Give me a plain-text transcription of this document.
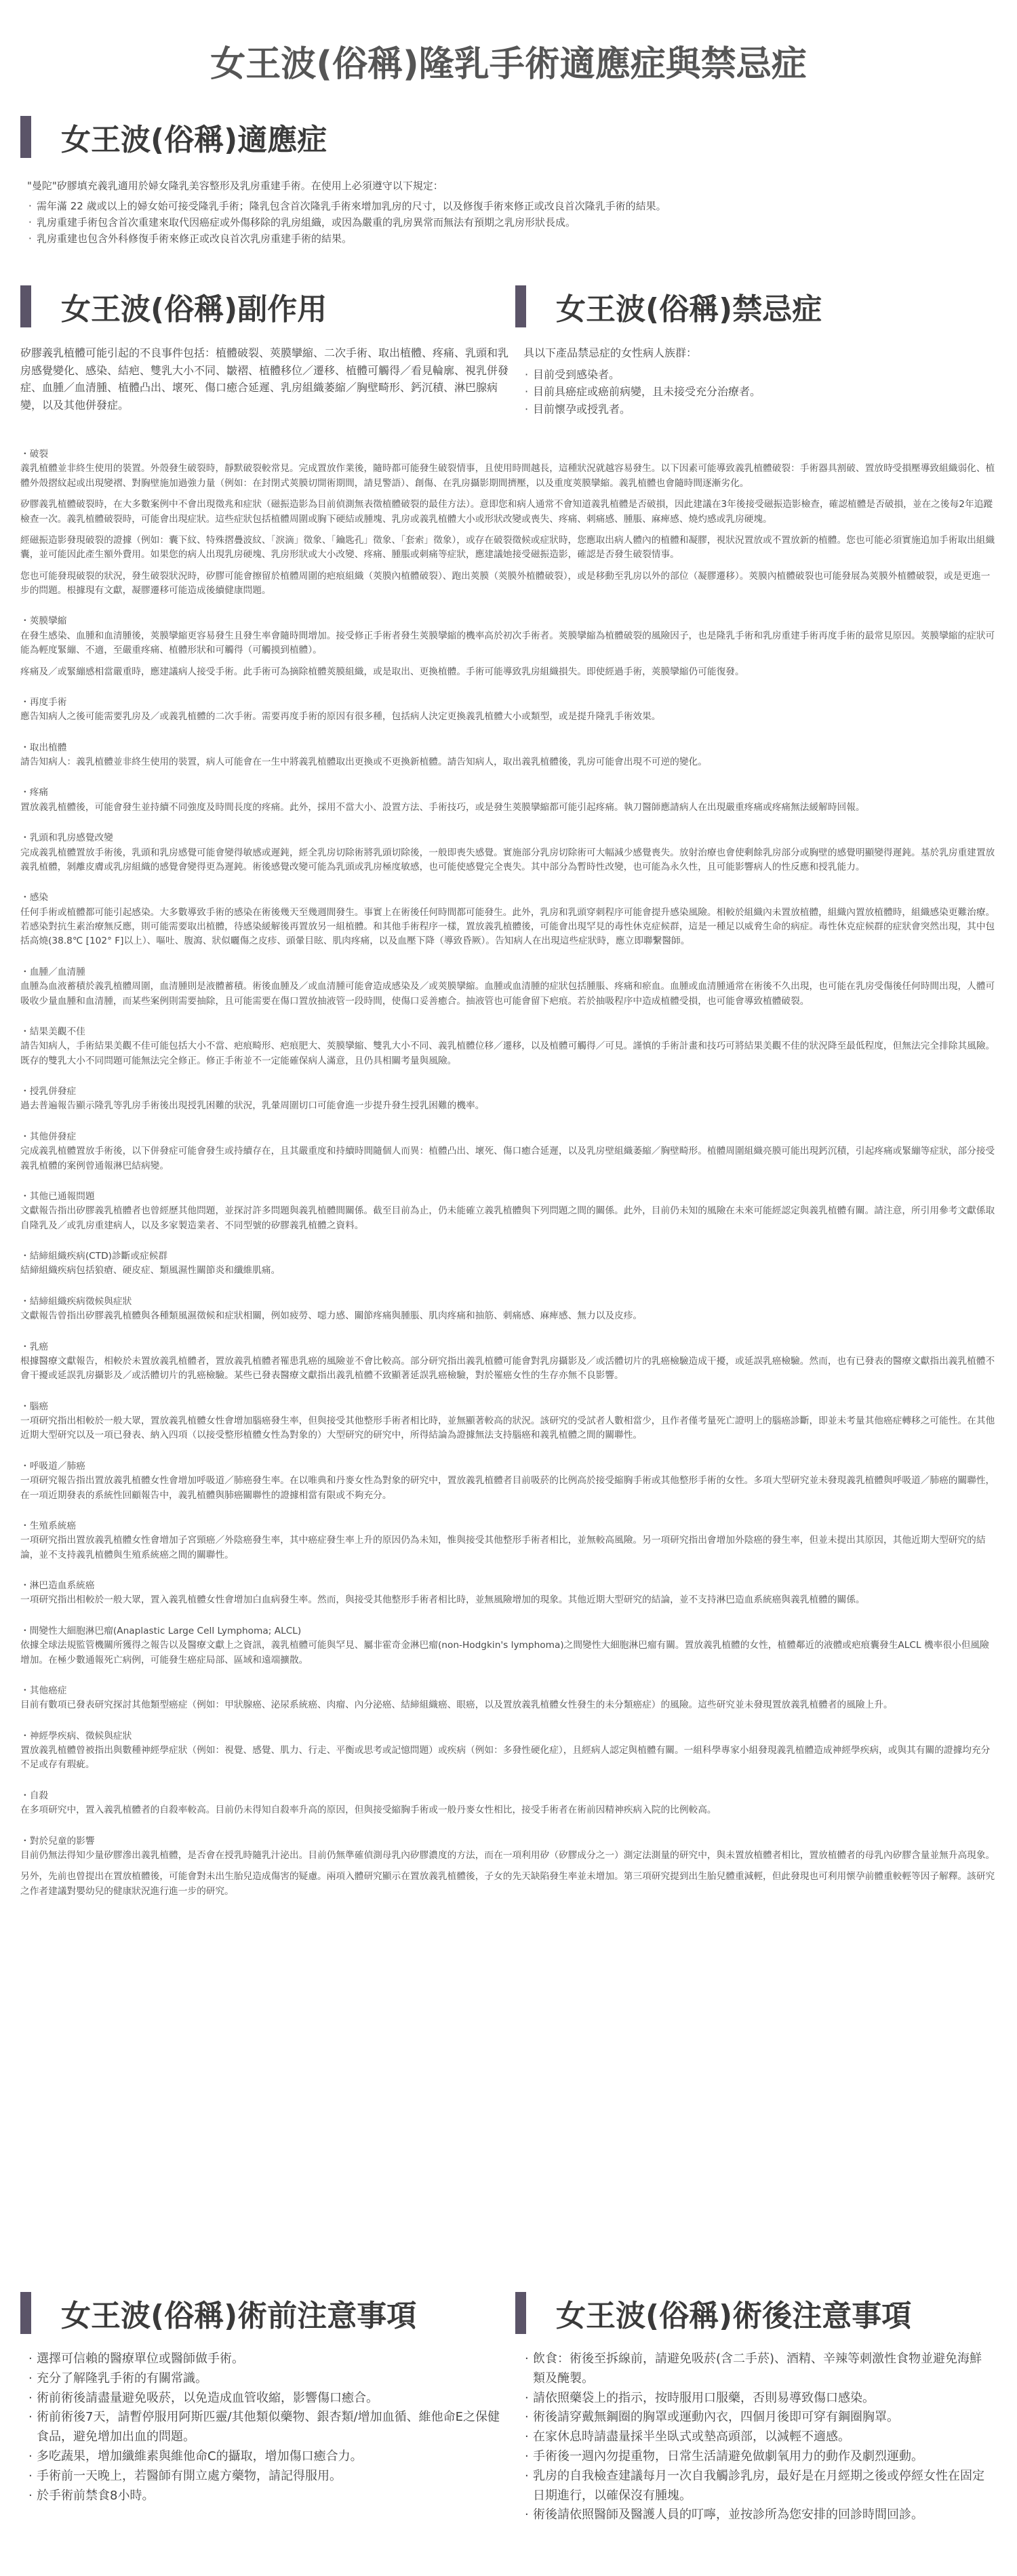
女王波(俗稱)隆乳手術適應症與禁忌症
女王波(俗稱)適應症

"曼陀"矽膠填充義乳適用於婦女隆乳美容整形及乳房重建手術。在使用上必須遵守以下規定：

· 需年滿 22 歲或以上的婦女始可接受隆乳手術；隆乳包含首次隆乳手術來增加乳房的尺寸，以及修復手術來修正或改良首次隆乳手術的結果。
· 乳房重建手術包含首次重建來取代因癌症或外傷移除的乳房組織，或因為嚴重的乳房異常而無法有預期之乳房形狀長成。
· 乳房重建也包含外科修復手術來修正或改良首次乳房重建手術的結果。
女王波(俗稱)副作用
矽膠義乳植體可能引起的不良事件包括：植體破裂、莢膜攣縮、二次手術、取出植體、疼痛、乳頭和乳房感覺變化、感染、結疤、雙乳大小不同、皺褶、植體移位／遷移、植體可觸得／看見輪廓、視乳併發症、血腫／血清腫、植體凸出、壞死、傷口癒合延遲、乳房組織萎縮／胸壁畸形、鈣沉積、淋巴腺病變，以及其他併發症。
女王波(俗稱)禁忌症

具以下產品禁忌症的女性病人族群：

· 目前受到感染者。
· 目前具癌症或癌前病變，且未接受充分治療者。
· 目前懷孕或授乳者。

・破裂

義乳植體並非終生使用的裝置。外殼發生破裂時，靜默破裂較常見。完成置放作業後，隨時都可能發生破裂情事，且使用時間越長，這種狀況就越容易發生。以下因素可能導致義乳植體破裂：手術器具割破、置放時受損壓導致組織弱化、植體外殼摺紋起或出現變褶、對胸壁施加過強力量（例如：在封閉式莢膜切開術期間，請見警語）、創傷、在乳房攝影期間擠壓，以及重度莢膜攣縮。義乳植體也會隨時間逐漸劣化。

矽膠義乳植體破裂時，在大多數案例中不會出現徵兆和症狀（磁振造影為目前偵測無表徵植體破裂的最佳方法）。意即您和病人通常不會知道義乳植體是否破損，因此建議在3年後接受磁振造影檢查，確認植體是否破損，並在之後每2年追蹤檢查一次。義乳植體破裂時，可能會出現症狀。這些症狀包括植體周圍或胸下硬結或腫塊、乳房或義乳植體大小或形狀改變或喪失、疼痛、刺痛感、腫脹、麻痺感、燒灼感或乳房硬塊。

經磁振造影發現破裂的證據（例如：囊下紋、特殊摺疊波紋、「淚滴」徵象、「鑰匙孔」徵象、「套索」徵象），或存在破裂徵候或症狀時，您應取出病人體內的植體和凝膠，視狀況置放或不置放新的植體。您也可能必須實施追加手術取出組織囊，並可能因此產生額外費用。如果您的病人出現乳房硬塊、乳房形狀或大小改變、疼痛、腫脹或刺痛等症狀，應建議她接受磁振造影，確認是否發生破裂情事。

您也可能發現破裂的狀況，發生破裂狀況時，矽膠可能會擦留於植體周圍的疤痕組織（莢膜內植體破裂）、跑出莢膜（莢膜外植體破裂），或是移動至乳房以外的部位（凝膠遷移）。莢膜內植體破裂也可能發展為莢膜外植體破裂，或是更進一步的問題。根據現有文獻，凝膠遷移可能造成後續健康問題。

・莢膜攣縮

在發生感染、血腫和血清腫後，莢膜攣縮更容易發生且發生率會隨時間增加。接受修正手術者發生莢膜攣縮的機率高於初次手術者。莢膜攣縮為植體破裂的風險因子，也是隆乳手術和乳房重建手術再度手術的最常見原因。莢膜攣縮的症狀可能為輕度緊繃、不適，至嚴重疼痛、植體形狀和可觸得（可觸摸到植體）。

疼痛及／或緊繃感相當嚴重時，應建議病人接受手術。此手術可為摘除植體莢膜組織，或是取出、更換植體。手術可能導致乳房組織損失。即使經過手術，莢膜攣縮仍可能復發。

・再度手術

應告知病人之後可能需要乳房及／或義乳植體的二次手術。需要再度手術的原因有很多種，包括病人決定更換義乳植體大小或類型，或是提升隆乳手術效果。

・取出植體

請告知病人：義乳植體並非終生使用的裝置，病人可能會在一生中將義乳植體取出更換或不更換新植體。請告知病人，取出義乳植體後，乳房可能會出現不可逆的變化。

・疼痛

置放義乳植體後，可能會發生並持續不同強度及時間長度的疼痛。此外，採用不當大小、設置方法、手術技巧，或是發生莢膜攣縮都可能引起疼痛。執刀醫師應請病人在出現嚴重疼痛或疼痛無法緩解時回報。

・乳頭和乳房感覺改變

完成義乳植體置放手術後，乳頭和乳房感覺可能會變得敏感或遲鈍，經全乳房切除術將乳頭切除後，一般即喪失感覺。實施部分乳房切除術可大幅減少感覺喪失。放射治療也會使剩餘乳房部分或胸壁的感覺明顯變得遲鈍。基於乳房重建置放義乳植體，剝離皮膚或乳房組織的感覺會變得更為遲鈍。術後感覺改變可能為乳頭或乳房極度敏感，也可能使感覺完全喪失。其中部分為暫時性改變，也可能為永久性，且可能影響病人的性反應和授乳能力。

・感染

任何手術或植體都可能引起感染。大多數導致手術的感染在術後幾天至幾週間發生。事實上在術後任何時間都可能發生。此外，乳房和乳頭穿刺程序可能會提升感染風險。相較於組織內未置放植體，組織內置放植體時，組織感染更難治療。若感染對抗生素治療無反應，則可能需要取出植體，待感染緩解後再置放另一組植體。和其他手術程序一樣，置放義乳植體後，可能會出現罕見的毒性休克症候群，這是一種足以威脅生命的病症。毒性休克症候群的症狀會突然出現，其中包括高燒(38.8℃ [102° F]以上）、嘔吐、腹瀉、狀似曬傷之皮疹、頭暈目眩、肌肉疼痛，以及血壓下降（導致昏厥）。告知病人在出現這些症狀時，應立即聯繫醫師。

・血腫／血清腫

血腫為血液蓄積於義乳植體周圍，血清腫則是液體蓄積。術後血腫及／或血清腫可能會造成感染及／或莢膜攣縮。血腫或血清腫的症狀包括腫脹、疼痛和瘀血。血腫或血清腫通常在術後不久出現，也可能在乳房受傷後任何時間出現，人體可吸收少量血腫和血清腫，而某些案例則需要抽除，且可能需要在傷口置放抽液管一段時間，使傷口妥善癒合。抽液管也可能會留下疤痕。若於抽吸程序中造成植體受損，也可能會導致植體破裂。

・結果美觀不佳

請告知病人，手術結果美觀不佳可能包括大小不當、疤痕畸形、疤痕肥大、莢膜攣縮、雙乳大小不同、義乳植體位移／遷移，以及植體可觸得／可見。謹慎的手術計畫和技巧可將結果美觀不佳的狀況降至最低程度，但無法完全排除其風險。既存的雙乳大小不同問題可能無法完全修正。修正手術並不一定能確保病人滿意，且仍具相關考量與風險。

・授乳併發症

過去普遍報告顯示隆乳等乳房手術後出現授乳困難的狀況，乳暈周圍切口可能會進一步提升發生授乳困難的機率。

・其他併發症

完成義乳植體置放手術後，以下併發症可能會發生或持續存在，且其嚴重度和持續時間隨個人而異：植體凸出、壞死、傷口癒合延遲，以及乳房壁組織萎縮／胸壁畸形。植體周圍組織亮膜可能出現鈣沉積，引起疼痛或緊繃等症狀，部分接受義乳植體的案例曾通報淋巴結病變。

・其他已通報問題

文獻報告指出矽膠義乳植體者也曾經歷其他問題，並探討許多問題與義乳植體間關係。截至目前為止，仍未能確立義乳植體與下列問題之間的關係。此外，目前仍未知的風險在未來可能經認定與義乳植體有關。請注意，所引用參考文獻係取自隆乳及／或乳房重建病人，以及多家製造業者、不同型號的矽膠義乳植體之資料。

・結締組織疾病(CTD)診斷或症候群

結締組織疾病包括狼瘡、硬皮症、類風濕性關節炎和纖維肌痛。

・結締組織疾病徵候與症狀

文獻報告曾指出矽膠義乳植體與各種類風濕徵候和症狀相關，例如疲勞、噁力感、關節疼痛與腫脹、肌肉疼痛和抽筋、刺痛感、麻痺感、無力以及皮疹。

・乳癌

根據醫療文獻報告，相較於未置放義乳植體者，置放義乳植體者罹患乳癌的風險並不會比較高。部分研究指出義乳植體可能會對乳房攝影及／或活體切片的乳癌檢驗造成干擾，或延誤乳癌檢驗。然而，也有已發表的醫療文獻指出義乳植體不會干擾或延誤乳房攝影及／或活體切片的乳癌檢驗。某些已發表醫療文獻指出義乳植體不致顯著延誤乳癌檢驗，對於罹癌女性的生存亦無不良影響。

・腦癌

一項研究指出相較於一般大眾，置放義乳植體女性會增加腦癌發生率，但與接受其他整形手術者相比時，並無顯著較高的狀況。該研究的受試者人數相當少，且作者僅考量死亡證明上的腦癌診斷，即並未考量其他癌症轉移之可能性。在其他近期大型研究以及一項已發表、納入四項（以接受整形植體女性為對象的）大型研究的研究中，所得結論為證據無法支持腦癌和義乳植體之間的關聯性。

・呼吸道／肺癌

一項研究報告指出置放義乳植體女性會增加呼吸道／肺癌發生率。在以唯典和丹麥女性為對象的研究中，置放義乳植體者目前吸菸的比例高於接受縮胸手術或其他整形手術的女性。多項大型研究並未發現義乳植體與呼吸道／肺癌的關聯性，在一項近期發表的系統性回顧報告中，義乳植體與肺癌關聯性的證據相當有限或不夠充分。

・生殖系統癌

一項研究指出置放義乳植體女性會增加子宮頸癌／外陰癌發生率，其中癌症發生率上升的原因仍為未知，惟與接受其他整形手術者相比，並無較高風險。另一項研究指出會增加外陰癌的發生率，但並未提出其原因，其他近期大型研究的結論，並不支持義乳植體與生殖系統癌之間的關聯性。

・淋巴造血系統癌

一項研究指出相較於一般大眾，置入義乳植體女性會增加白血病發生率。然而，與接受其他整形手術者相比時，並無風險增加的現象。其他近期大型研究的結論，並不支持淋巴造血系統癌與義乳植體的關係。

・間變性大細胞淋巴瘤(Anaplastic Large Cell Lymphoma; ALCL)

依據全球法規監管機關所獲得之報告以及醫療文獻上之資訊，義乳植體可能與罕見、屬非霍奇金淋巴瘤(non-Hodgkin's lymphoma)之間變性大細胞淋巴瘤有關。置放義乳植體的女性，植體鄰近的液體或疤痕囊發生ALCL 機率很小但風險增加。在極少數通報死亡病例，可能發生癌症局部、區域和遠端擴散。

・其他癌症

目前有數項已發表研究探討其他類型癌症（例如：甲狀腺癌、泌尿系統癌、肉瘤、內分泌癌、結締組織癌、眼癌，以及置放義乳植體女性發生的未分類癌症）的風險。這些研究並未發現置放義乳植體者的風險上升。

・神經學疾病、徵候與症狀

置放義乳植體曾被指出與數種神經學症狀（例如：視覺、感覺、肌力、行走、平衡或思考或記憶問題）或疾病（例如：多發性硬化症），且經病人認定與植體有關。一組科學專家小組發現義乳植體造成神經學疾病，或與其有關的證據均充分不足或存有瑕疵。

・自殺

在多項研究中，置入義乳植體者的自殺率較高。目前仍未得知自殺率升高的原因，但與接受縮胸手術或一般丹麥女性相比，接受手術者在術前因精神疾病入院的比例較高。

・對於兒童的影響

目前仍無法得知少量矽膠滲出義乳植體，是否會在授乳時隨乳汁泌出。目前仍無準確偵測母乳內矽膠濃度的方法，而在一項利用矽（矽膠成分之一）測定法測量的研究中，與未置放植體者相比，置放植體者的母乳內矽膠含量並無升高現象。

另外，先前也曾提出在置放植體後，可能會對未出生胎兒造成傷害的疑慮。兩項入體研究顯示在置放義乳植體後，子女的先天缺陷發生率並未增加。第三項研究提到出生胎兒體重減輕，但此發現也可利用懷孕前體重較輕等因子解釋。該研究之作者建議對嬰幼兒的健康狀況進行進一步的研究。

女王波(俗稱)術前注意事項
· 選擇可信賴的醫療單位或醫師做手術。
· 充分了解隆乳手術的有關常識。
· 術前術後請盡量避免吸菸，以免造成血管收縮，影響傷口癒合。
· 術前術後7天，請暫停服用阿斯匹靈/其他類似藥物、銀杏類/增加血循、維他命E之保健食品，避免增加出血的問題。
· 多吃蔬果，增加纖維素與維他命C的攝取，增加傷口癒合力。
· 手術前一天晚上，若醫師有開立處方藥物，請記得服用。
· 於手術前禁食8小時。
女王波(俗稱)術後注意事項
· 飲食：術後至拆線前，請避免吸菸(含二手菸)、酒精、辛辣等刺激性食物並避免海鮮類及醃製。
· 請依照藥袋上的指示，按時服用口服藥，否則易導致傷口感染。
· 術後請穿戴無鋼圈的胸罩或運動內衣，四個月後即可穿有鋼圈胸罩。
· 在家休息時請盡量採半坐臥式或墊高頭部，以減輕不適感。
· 手術後一週內勿提重物，日常生活請避免做劇氧用力的動作及劇烈運動。
· 乳房的自我檢查建議每月一次自我觸診乳房，最好是在月經期之後或停經女性在固定日期進行，以確保沒有腫塊。
· 術後請依照醫師及醫護人員的叮嚀，並按診所為您安排的回診時間回診。
